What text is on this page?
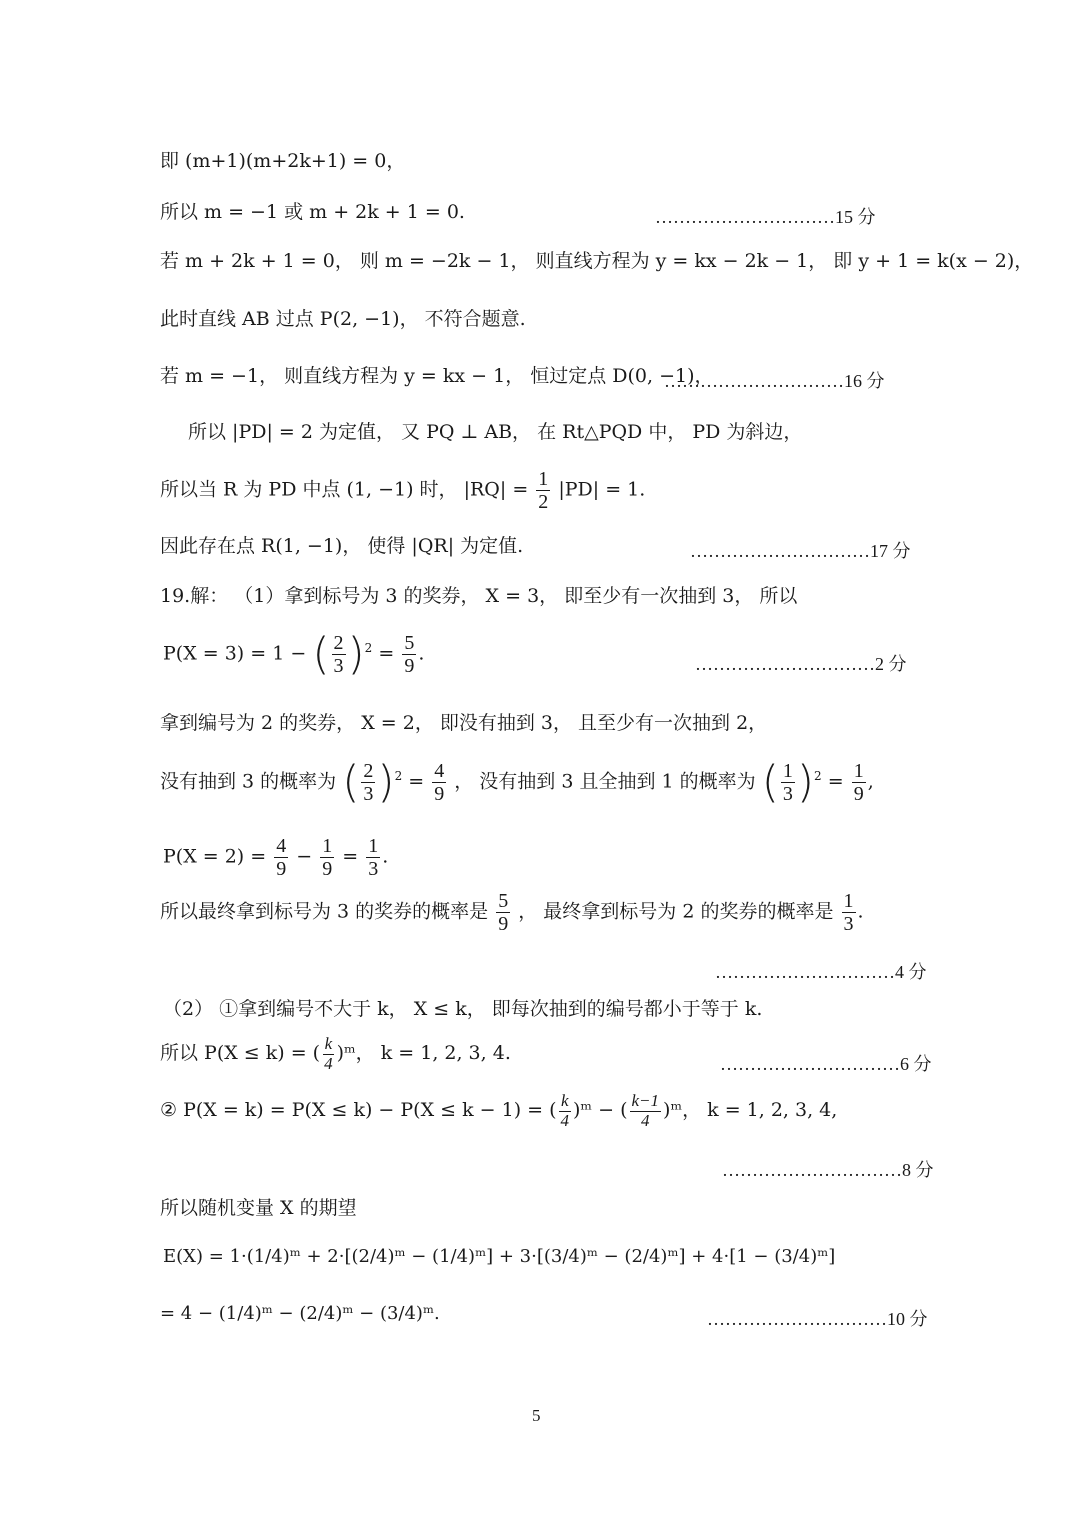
即 (m+1)(m+2k+1) = 0，
所以 m = −1 或 m + 2k + 1 = 0.	…………………………15 分
若 m + 2k + 1 = 0， 则 m = −2k − 1， 则直线方程为 y = kx − 2k − 1， 即 y + 1 = k(x − 2)，
此时直线 AB 过点 P(2, −1)， 不符合题意.
若 m = −1， 则直线方程为 y = kx − 1， 恒过定点 D(0, −1)，
…………………………16 分
所以 |PD| = 2 为定值， 又 PQ ⊥ AB， 在 Rt△PQD 中， PD 为斜边，
所以当 R 为 PD 中点 (1, −1) 时， $|RQ| = \frac{1}{2} |PD| = 1$.
因此存在点 R(1, −1)， 使得 |QR| 为定值.	…………………………17 分
19.解： （1）拿到标号为 3 的奖券， X = 3， 即至少有一次抽到 3， 所以
P(X = 3) = 1 − ( $\frac{2}{3} )^2 = \frac{5}{9}$ .	…………………………2 分
拿到编号为 2 的奖券， X = 2， 即没有抽到 3， 且至少有一次抽到 2，
没有抽到 3 的概率为 ( $\frac{2}{3} )^2 = \frac{4}{9}$ ， 没有抽到 3 且全抽到 1 的概率为 ( $\frac{1}{3} )^2 = \frac{1}{9}$ ,
$P(X = 2) = \frac{4}{9} - \frac{1}{9} = \frac{1}{3}$ .
所以最终拿到标号为 3 的奖券的概率是 $\frac{5}{9}$ ， 最终拿到标号为 2 的奖券的概率是 $\frac{1}{3}$ .
…………………………4 分
（2） ①拿到编号不大于 k， X ≤ k， 即每次抽到的编号都小于等于 k.
所以 P(X ≤ k) = ( $\frac{k}{4}$ )ᵐ， k = 1, 2, 3, 4.	…………………………6 分
② P(X = k) = P(X ≤ k) − P(X ≤ k − 1) = ( $\frac{k}{4}$ )ᵐ − ( $\frac{k-1}{4}$ )ᵐ， k = 1, 2, 3, 4,
…………………………8 分
所以随机变量 X 的期望
E(X) = 1·(1/4)ᵐ + 2·[(2/4)ᵐ − (1/4)ᵐ] + 3·[(3/4)ᵐ − (2/4)ᵐ] + 4·[1 − (3/4)ᵐ]
= 4 − (1/4)ᵐ − (2/4)ᵐ − (3/4)ᵐ.	…………………………10 分
5
